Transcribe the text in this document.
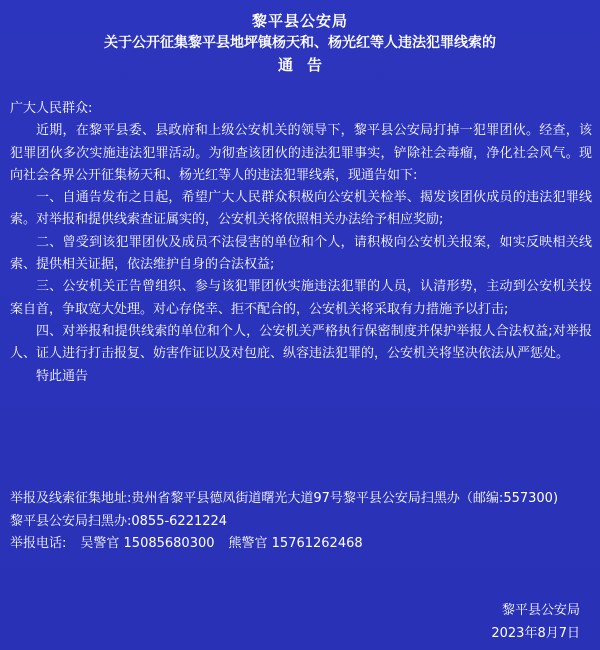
黎平县公安局
关于公开征集黎平县地坪镇杨天和、杨光红等人违法犯罪线索的
通告

广大人民群众:

近期，在黎平县委、县政府和上级公安机关的领导下，黎平县公安局打掉一犯罪团伙。经查，该犯罪团伙多次实施违法犯罪活动。为彻查该团伙的违法犯罪事实，铲除社会毒瘤，净化社会风气。现向社会各界公开征集杨天和、杨光红等人的违法犯罪线索，现通告如下:

一、自通告发布之日起，希望广大人民群众积极向公安机关检举、揭发该团伙成员的违法犯罪线索。对举报和提供线索查证属实的，公安机关将依照相关办法给予相应奖励;

二、曾受到该犯罪团伙及成员不法侵害的单位和个人，请积极向公安机关报案，如实反映相关线索、提供相关证据，依法维护自身的合法权益;

三、公安机关正告曾组织、参与该犯罪团伙实施违法犯罪的人员，认清形势，主动到公安机关投案自首，争取宽大处理。对心存侥幸、拒不配合的，公安机关将采取有力措施予以打击;

四、对举报和提供线索的单位和个人，公安机关严格执行保密制度并保护举报人合法权益;对举报人、证人进行打击报复、妨害作证以及对包庇、纵容违法犯罪的，公安机关将坚决依法从严惩处。

特此通告

举报及线索征集地址:贵州省黎平县德凤街道曙光大道97号黎平县公安局扫黑办（邮编:557300)
黎平县公安局扫黑办:0855-6221224
举报电话: 吴警官 15085680300 熊警官 15761262468
黎平县公安局
2023年8月7日
